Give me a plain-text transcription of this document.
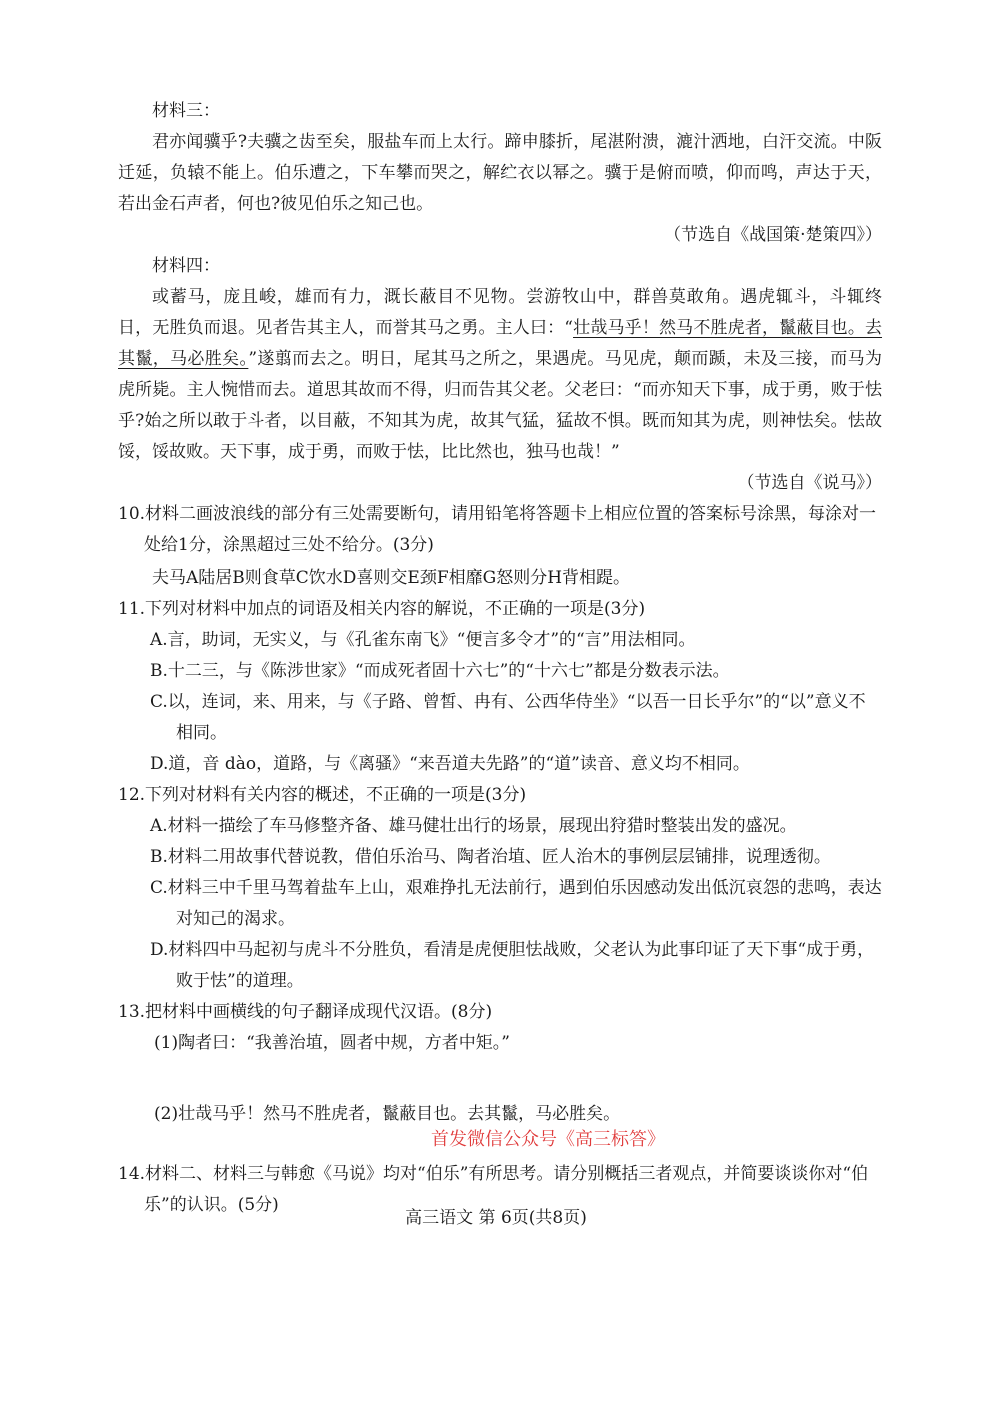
材料三：

君亦闻骥乎?夫骥之齿至矣，服盐车而上太行。蹄申膝折，尾湛附溃，漉汁洒地，白汗交流。中阪迁延，负辕不能上。伯乐遭之，下车攀而哭之，解纻衣以幂之。骥于是俯而喷，仰而鸣，声达于天，若出金石声者，何也?彼见伯乐之知己也。

（节选自《战国策·楚策四》）

材料四：

或蓄马，庞且峻，雄而有力，溉长蔽目不见物。尝游牧山中，群兽莫敢角。遇虎辄斗，斗辄终日，无胜负而退。见者告其主人，而誉其马之勇。主人曰：“壮哉马乎！然马不胜虎者，鬣蔽目也。去其鬣，马必胜矣。”遂翦而去之。明日，尾其马之所之，果遇虎。马见虎，颠而踬，未及三接，而马为虎所毙。主人惋惜而去。道思其故而不得，归而告其父老。父老曰：“而亦知天下事，成于勇，败于怯乎?始之所以敢于斗者，以目蔽，不知其为虎，故其气猛，猛故不惧。既而知其为虎，则神怯矣。怯故馁，馁故败。天下事，成于勇，而败于怯，比比然也，独马也哉！”

（节选自《说马》）

10.材料二画波浪线的部分有三处需要断句，请用铅笔将答题卡上相应位置的答案标号涂黑，每涂对一处给1分，涂黑超过三处不给分。(3分)

夫马A陆居B则食草C饮水D喜则交E颈F相靡G怒则分H背相踶。

11.下列对材料中加点的词语及相关内容的解说，不正确的一项是(3分)

A.言，助词，无实义，与《孔雀东南飞》“便言多令才”的“言”用法相同。

B.十二三，与《陈涉世家》“而成死者固十六七”的“十六七”都是分数表示法。

C.以，连词，来、用来，与《子路、曾皙、冉有、公西华侍坐》“以吾一日长乎尔”的“以”意义不相同。

D.道，音 dào，道路，与《离骚》“来吾道夫先路”的“道”读音、意义均不相同。

12.下列对材料有关内容的概述，不正确的一项是(3分)

A.材料一描绘了车马修整齐备、雄马健壮出行的场景，展现出狩猎时整装出发的盛况。

B.材料二用故事代替说教，借伯乐治马、陶者治埴、匠人治木的事例层层铺排，说理透彻。

C.材料三中千里马驾着盐车上山，艰难挣扎无法前行，遇到伯乐因感动发出低沉哀怨的悲鸣，表达对知己的渴求。

D.材料四中马起初与虎斗不分胜负，看清是虎便胆怯战败，父老认为此事印证了天下事“成于勇，败于怯”的道理。

13.把材料中画横线的句子翻译成现代汉语。(8分)

(1)陶者曰：“我善治埴，圆者中规，方者中矩。”

(2)壮哉马乎！然马不胜虎者，鬣蔽目也。去其鬣，马必胜矣。

首发微信公众号《高三标答》

14.材料二、材料三与韩愈《马说》均对“伯乐”有所思考。请分别概括三者观点，并简要谈谈你对“伯乐”的认识。(5分)

高三语文 第 6页(共8页)
